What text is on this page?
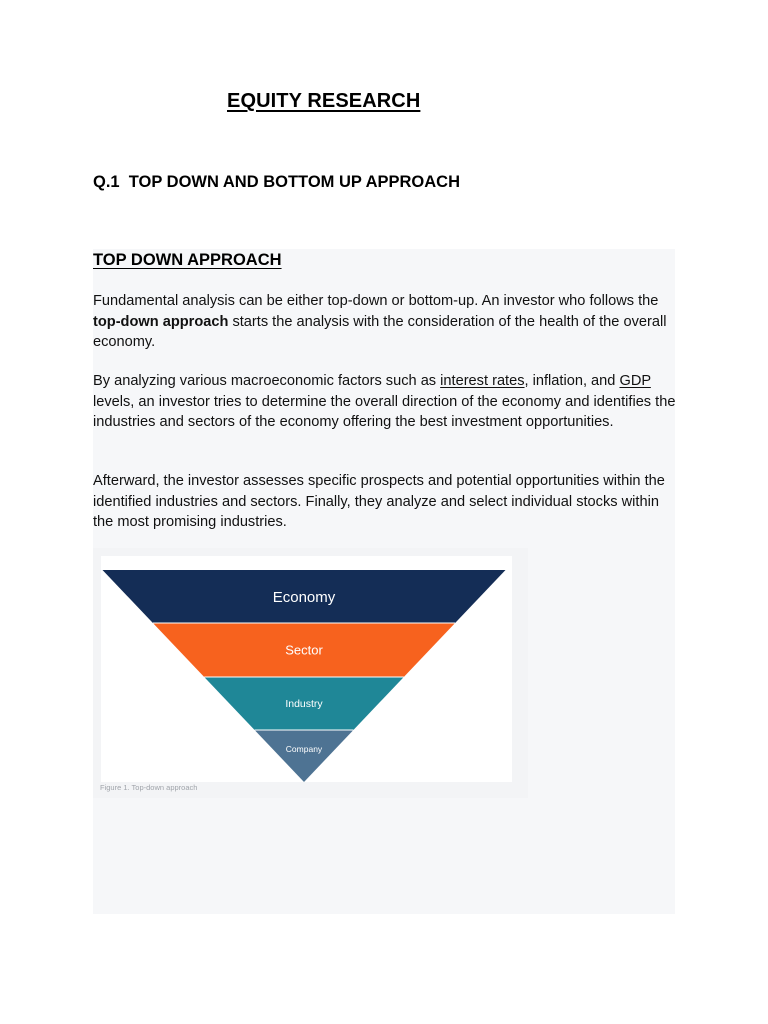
EQUITY RESEARCH
Q.1  TOP DOWN AND BOTTOM UP APPROACH
TOP DOWN APPROACH

Fundamental analysis can be either top-down or bottom-up. An investor who follows the top-down approach starts the analysis with the consideration of the health of the overall economy.

By analyzing various macroeconomic factors such as interest rates, inflation, and GDP levels, an investor tries to determine the overall direction of the economy and identifies the industries and sectors of the economy offering the best investment opportunities.

Afterward, the investor assesses specific prospects and potential opportunities within the identified industries and sectors. Finally, they analyze and select individual stocks within the most promising industries.

Economy
Sector
Industry
Company

Figure 1. Top-down approach
